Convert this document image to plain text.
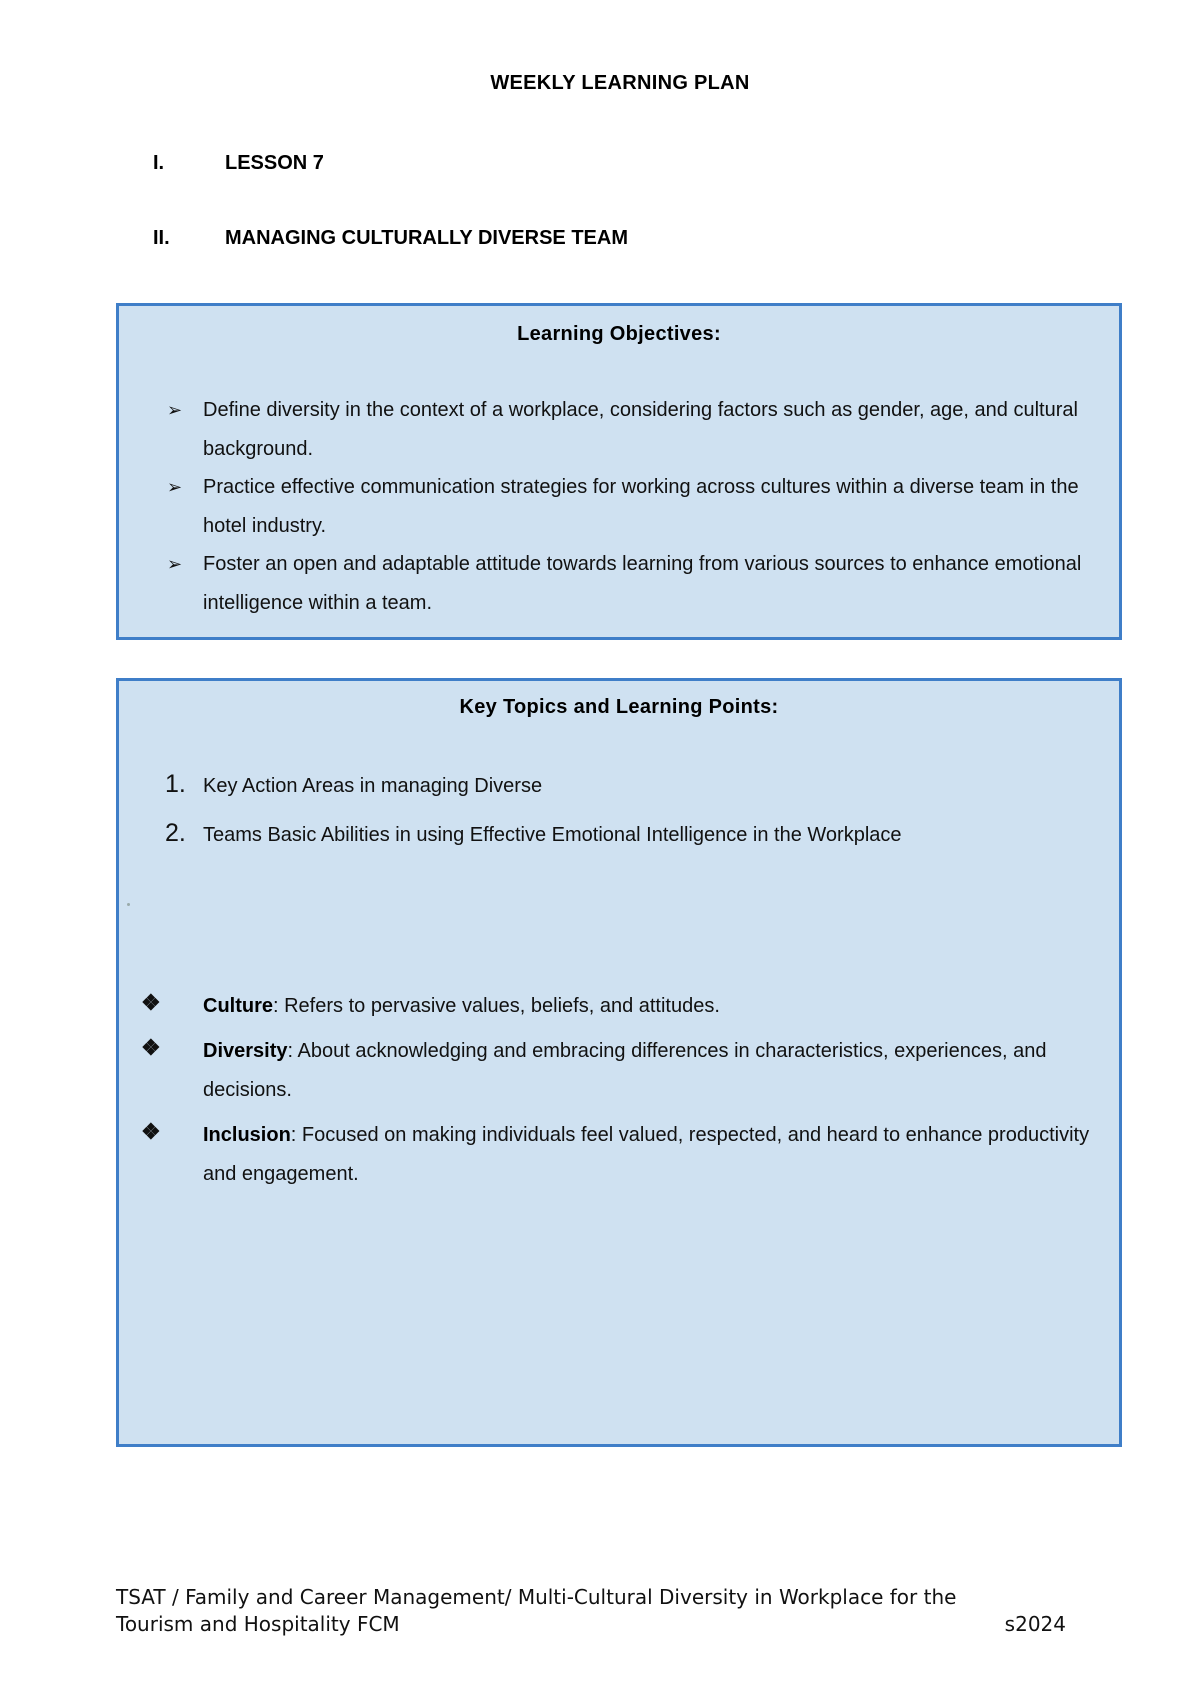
WEEKLY LEARNING PLAN
I.	LESSON 7
II.	MANAGING CULTURALLY DIVERSE TEAM
Learning Objectives:
➢ Define diversity in the context of a workplace, considering factors such as gender, age, and cultural background.
➢ Practice effective communication strategies for working across cultures within a diverse team in the hotel industry.
➢ Foster an open and adaptable attitude towards learning from various sources to enhance emotional intelligence within a team.
Key Topics and Learning Points:
1. Key Action Areas in managing Diverse
2. Teams Basic Abilities in using Effective Emotional Intelligence in the Workplace
❖ Culture: Refers to pervasive values, beliefs, and attitudes.
❖ Diversity: About acknowledging and embracing differences in characteristics, experiences, and decisions.
❖ Inclusion: Focused on making individuals feel valued, respected, and heard to enhance productivity and engagement.
TSAT / Family and Career Management/ Multi-Cultural Diversity in Workplace for the
Tourism and Hospitality FCM	s2024
